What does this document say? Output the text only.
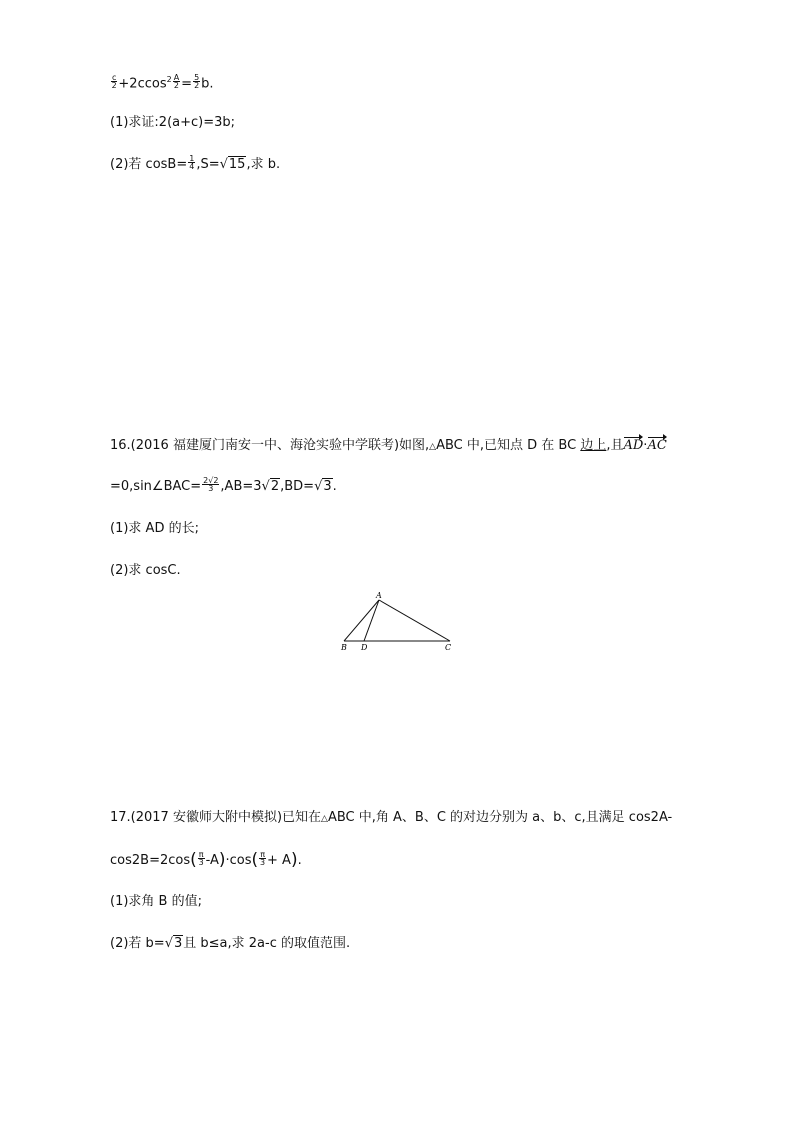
$\frac{c}{2} +2ccos^2 \frac{A}{2} = \frac{5}{2} b$.
(1)求证:2(a+c)=3b;
(2)若 $\cos B= \frac{1}{4} ,S=√15$,求 b.
16.(2016 福建厦门南安一中、海沧实验中学联考)如图,△ABC 中,已知点 D 在 BC 边上,且AD·AC
=0,sin∠BAC= $\frac{2√2}{3} ,AB=3√2,BD=√3$.
(1)求 AD 的长;
(2)求 cosC.
A
B D	C
17.(2017 安徽师大附中模拟)已知在△ABC 中,角 A、B、C 的对边分别为 a、b、c,且满足 cos2A-
$\cos 2B=2\cos( \frac{\pi}{3} -A)\cdot\cos( \frac{\pi}{3} + A)$.
(1)求角 B 的值;
(2)若 b=√3且 b≤a,求 2a-c 的取值范围.
